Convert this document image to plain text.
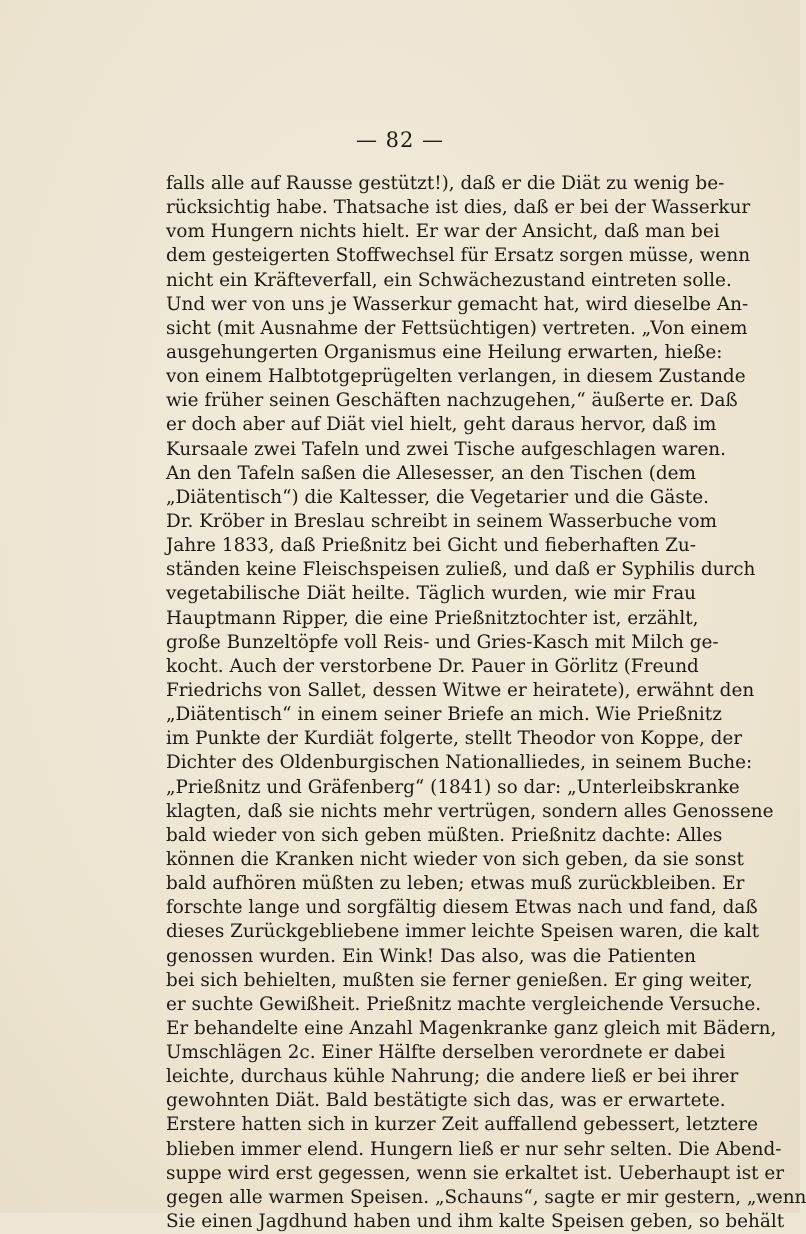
— 82 —
falls alle auf Rausse gestützt!), daß er die Diät zu wenig be-
rücksichtig habe. Thatsache ist dies, daß er bei der Wasserkur
vom Hungern nichts hielt. Er war der Ansicht, daß man bei
dem gesteigerten Stoffwechsel für Ersatz sorgen müsse, wenn
nicht ein Kräfteverfall, ein Schwächezustand eintreten solle.
Und wer von uns je Wasserkur gemacht hat, wird dieselbe An-
sicht (mit Ausnahme der Fettsüchtigen) vertreten. „Von einem
ausgehungerten Organismus eine Heilung erwarten, hieße:
von einem Halbtotgeprügelten verlangen, in diesem Zustande
wie früher seinen Geschäften nachzugehen,“ äußerte er. Daß
er doch aber auf Diät viel hielt, geht daraus hervor, daß im
Kursaale zwei Tafeln und zwei Tische aufgeschlagen waren.
An den Tafeln saßen die Allesesser, an den Tischen (dem
„Diätentisch“) die Kaltesser, die Vegetarier und die Gäste.
Dr. Kröber in Breslau schreibt in seinem Wasserbuche vom
Jahre 1833, daß Prießnitz bei Gicht und fieberhaften Zu-
ständen keine Fleischspeisen zuließ, und daß er Syphilis durch
vegetabilische Diät heilte. Täglich wurden, wie mir Frau
Hauptmann Ripper, die eine Prießnitztochter ist, erzählt,
große Bunzeltöpfe voll Reis- und Gries-Kasch mit Milch ge-
kocht. Auch der verstorbene Dr. Pauer in Görlitz (Freund
Friedrichs von Sallet, dessen Witwe er heiratete), erwähnt den
„Diätentisch“ in einem seiner Briefe an mich. Wie Prießnitz
im Punkte der Kurdiät folgerte, stellt Theodor von Koppe, der
Dichter des Oldenburgischen Nationalliedes, in seinem Buche:
„Prießnitz und Gräfenberg“ (1841) so dar: „Unterleibskranke
klagten, daß sie nichts mehr vertrügen, sondern alles Genossene
bald wieder von sich geben müßten. Prießnitz dachte: Alles
können die Kranken nicht wieder von sich geben, da sie sonst
bald aufhören müßten zu leben; etwas muß zurückbleiben. Er
forschte lange und sorgfältig diesem Etwas nach und fand, daß
dieses Zurückgebliebene immer leichte Speisen waren, die kalt
genossen wurden. Ein Wink! Das also, was die Patienten
bei sich behielten, mußten sie ferner genießen. Er ging weiter,
er suchte Gewißheit. Prießnitz machte vergleichende Versuche.
Er behandelte eine Anzahl Magenkranke ganz gleich mit Bädern,
Umschlägen 2c. Einer Hälfte derselben verordnete er dabei
leichte, durchaus kühle Nahrung; die andere ließ er bei ihrer
gewohnten Diät. Bald bestätigte sich das, was er erwartete.
Erstere hatten sich in kurzer Zeit auffallend gebessert, letztere
blieben immer elend. Hungern ließ er nur sehr selten. Die Abend-
suppe wird erst gegessen, wenn sie erkaltet ist. Ueberhaupt ist er
gegen alle warmen Speisen. „Schauns“, sagte er mir gestern, „wenn
Sie einen Jagdhund haben und ihm kalte Speisen geben, so behält
